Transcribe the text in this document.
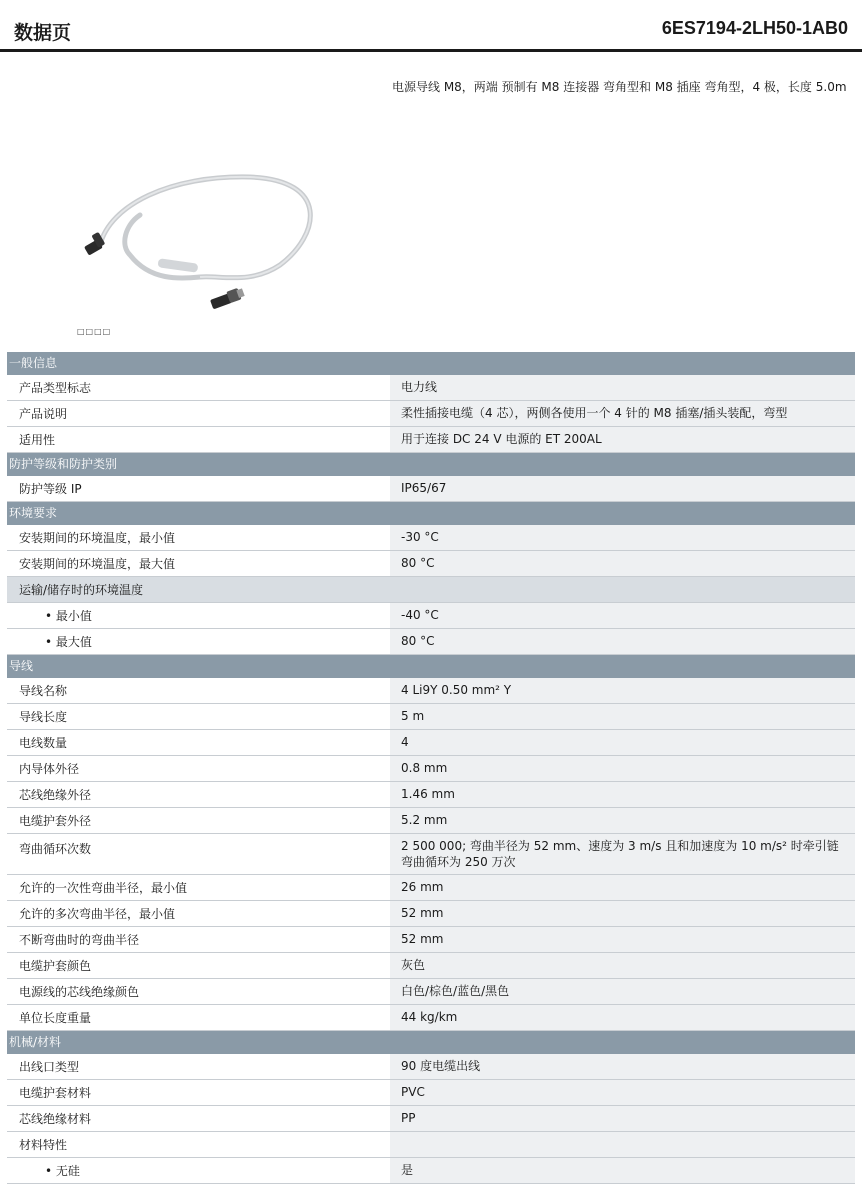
数据页	6ES7194-2LH50-1AB0
电源导线 M8，两端 预制有 M8 连接器 弯角型和 M8 插座 弯角型，4 极，长度 5.0m
□□□□
一般信息
产品类型标志	电力线
产品说明	柔性插接电缆（4 芯），两侧各使用一个 4 针的 M8 插塞/插头装配，弯型
适用性	用于连接 DC 24 V 电源的 ET 200AL
防护等级和防护类别
防护等级 IP	IP65/67
环境要求
安装期间的环境温度，最小值	-30 °C
安装期间的环境温度，最大值	80 °C
运输/储存时的环境温度
• 最小值	-40 °C
• 最大值	80 °C
导线
导线名称	4 Li9Y 0.50 mm² Y
导线长度	5 m
电线数量	4
内导体外径	0.8 mm
芯线绝缘外径	1.46 mm
电缆护套外径	5.2 mm
弯曲循环次数	2 500 000; 弯曲半径为 52 mm、速度为 3 m/s 且和加速度为 10 m/s² 时牵引链弯曲循环为 250 万次
允许的一次性弯曲半径，最小值	26 mm
允许的多次弯曲半径，最小值	52 mm
不断弯曲时的弯曲半径	52 mm
电缆护套颜色	灰色
电源线的芯线绝缘颜色	白色/棕色/蓝色/黑色
单位长度重量	44 kg/km
机械/材料
出线口类型	90 度电缆出线
电缆护套材料	PVC
芯线绝缘材料	PP
材料特性
• 无硅	是
